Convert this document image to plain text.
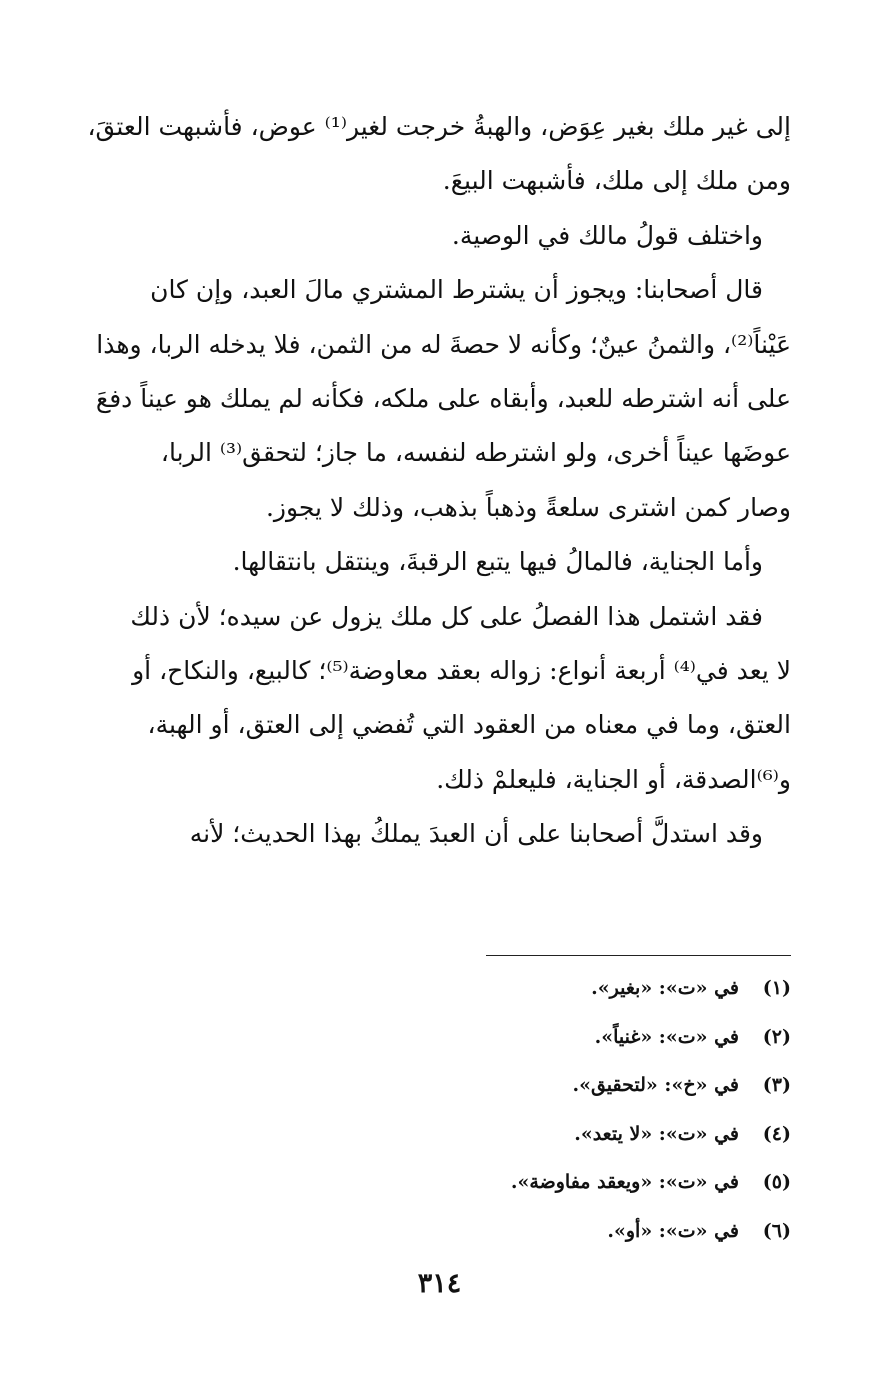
إلى غير ملك بغير عِوَض، والهبةُ خرجت لغير⁽¹⁾ عوض، فأشبهت العتقَ،
ومن ملك إلى ملك، فأشبهت البيعَ.

واختلف قولُ مالك في الوصية.

قال أصحابنا: ويجوز أن يشترط المشتري مالَ العبد، وإن كان
عَيْناً⁽²⁾، والثمنُ عينٌ؛ وكأنه لا حصةَ له من الثمن، فلا يدخله الربا، وهذا
على أنه اشترطه للعبد، وأبقاه على ملكه، فكأنه لم يملك هو عيناً دفعَ
عوضَها عيناً أخرى، ولو اشترطه لنفسه، ما جاز؛ لتحقق⁽³⁾ الربا،
وصار كمن اشترى سلعةً وذهباً بذهب، وذلك لا يجوز.

وأما الجناية، فالمالُ فيها يتبع الرقبةَ، وينتقل بانتقالها.

فقد اشتمل هذا الفصلُ على كل ملك يزول عن سيده؛ لأن ذلك
لا يعد في⁽⁴⁾ أربعة أنواع: زواله بعقد معاوضة⁽⁵⁾؛ كالبيع، والنكاح، أو
العتق، وما في معناه من العقود التي تُفضي إلى العتق، أو الهبة،
و⁽⁶⁾الصدقة، أو الجناية، فليعلمْ ذلك.

وقد استدلَّ أصحابنا على أن العبدَ يملكُ بهذا الحديث؛ لأنه

(١)
في «ت»: «بغير».
(٢)
في «ت»: «غنياً».
(٣)
في «خ»: «لتحقيق».
(٤)
في «ت»: «لا يتعد».
(٥)
في «ت»: «ويعقد مفاوضة».
(٦)
في «ت»: «أو».
٣١٤
